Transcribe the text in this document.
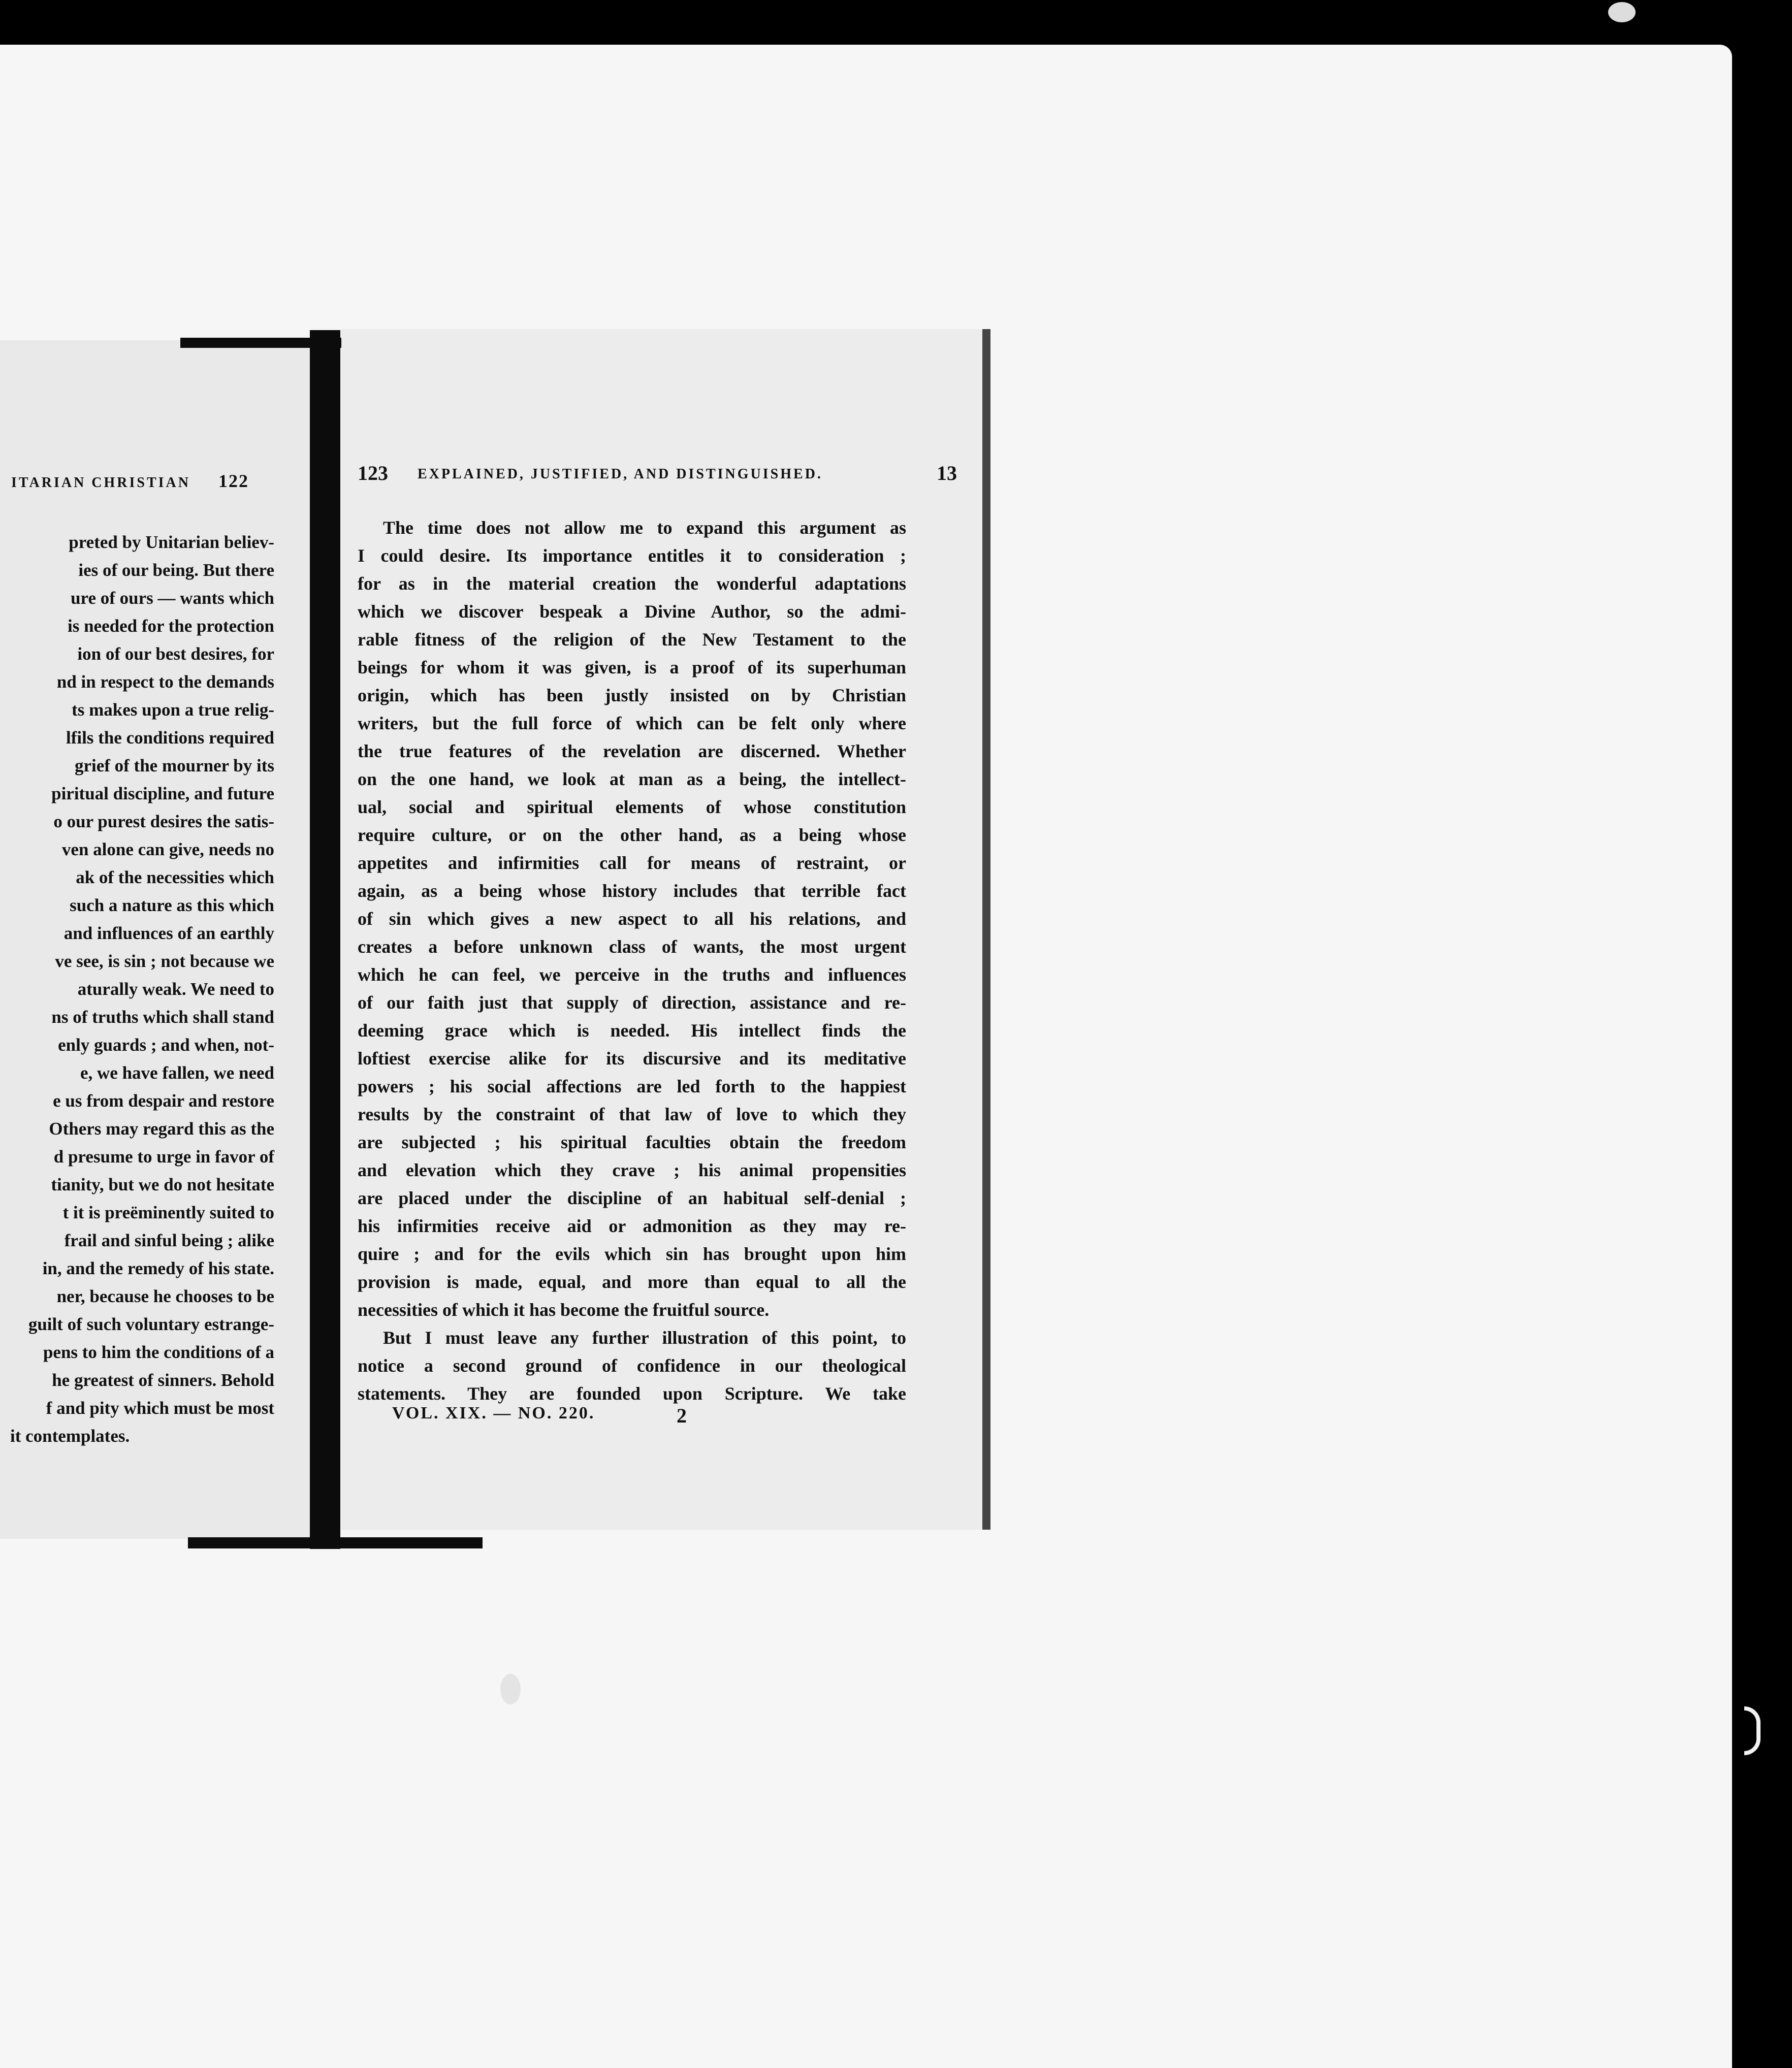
ITARIAN CHRISTIAN 122
preted by Unitarian believ-
ies of our being. But there
ure of ours — wants which
is needed for the protection
ion of our best desires, for
nd in respect to the demands
ts makes upon a true relig-
lfils the conditions required
grief of the mourner by its
piritual discipline, and future
o our purest desires the satis-
ven alone can give, needs no
ak of the necessities which
such a nature as this which
and influences of an earthly
ve see, is sin ; not because we
aturally weak. We need to
ns of truths which shall stand
enly guards ; and when, not-
e, we have fallen, we need
e us from despair and restore
Others may regard this as the
d presume to urge in favor of
tianity, but we do not hesitate
t it is preëminently suited to
frail and sinful being ; alike
in, and the remedy of his state.
ner, because he chooses to be
guilt of such voluntary estrange-
pens to him the conditions of a
he greatest of sinners. Behold
f and pity which must be most
it contemplates.
123 EXPLAINED, JUSTIFIED, AND DISTINGUISHED.	13
The time does not allow me to expand this argument as
I could desire. Its importance entitles it to consideration ;
for as in the material creation the wonderful adaptations
which we discover bespeak a Divine Author, so the admi-
rable fitness of the religion of the New Testament to the
beings for whom it was given, is a proof of its superhuman
origin, which has been justly insisted on by Christian
writers, but the full force of which can be felt only where
the true features of the revelation are discerned. Whether
on the one hand, we look at man as a being, the intellect-
ual, social and spiritual elements of whose constitution
require culture, or on the other hand, as a being whose
appetites and infirmities call for means of restraint, or
again, as a being whose history includes that terrible fact
of sin which gives a new aspect to all his relations, and
creates a before unknown class of wants, the most urgent
which he can feel, we perceive in the truths and influences
of our faith just that supply of direction, assistance and re-
deeming grace which is needed. His intellect finds the
loftiest exercise alike for its discursive and its meditative
powers ; his social affections are led forth to the happiest
results by the constraint of that law of love to which they
are subjected ; his spiritual faculties obtain the freedom
and elevation which they crave ; his animal propensities
are placed under the discipline of an habitual self-denial ;
his infirmities receive aid or admonition as they may re-
quire ; and for the evils which sin has brought upon him
provision is made, equal, and more than equal to all the
necessities of which it has become the fruitful source.
But I must leave any further illustration of this point, to
notice a second ground of confidence in our theological
statements. They are founded upon Scripture. We take
VOL. XIX. — NO. 220.	2
